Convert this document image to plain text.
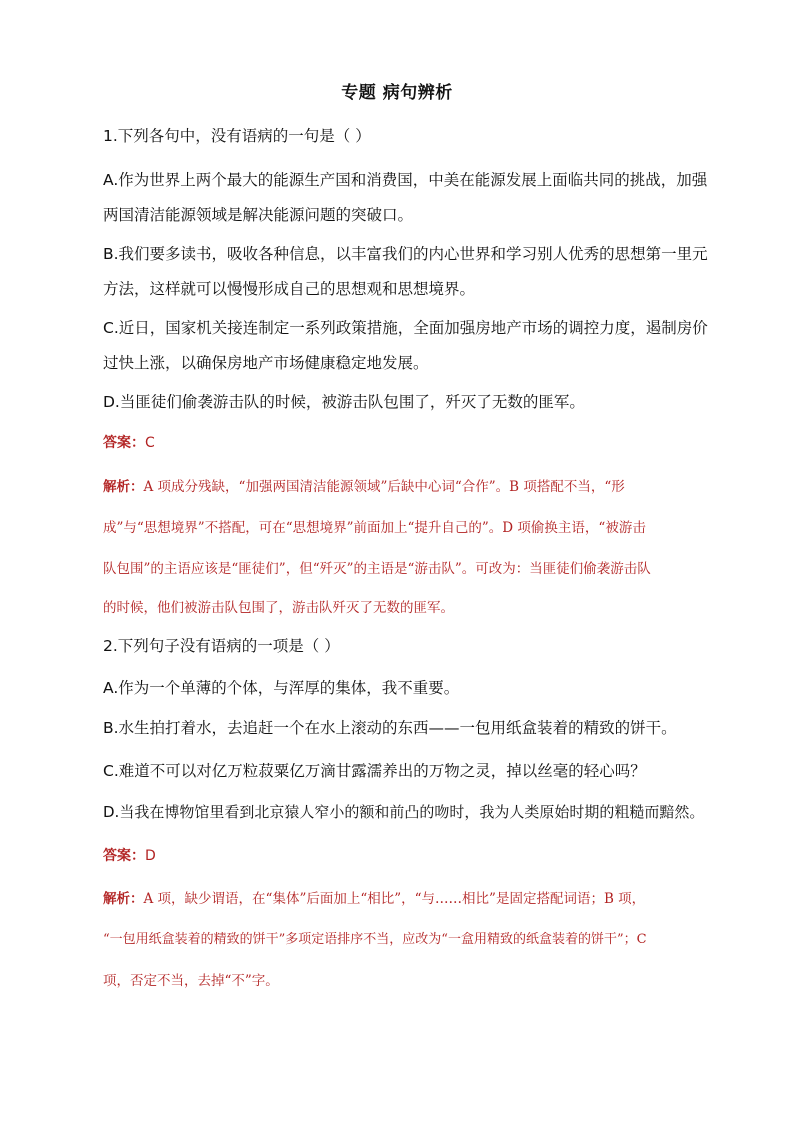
专题 病句辨析
1.下列各句中，没有语病的一句是（ ）
A.作为世界上两个最大的能源生产国和消费国，中美在能源发展上面临共同的挑战，加强
两国清洁能源领域是解决能源问题的突破口。
B.我们要多读书，吸收各种信息，以丰富我们的内心世界和学习别人优秀的思想第一里元
方法，这样就可以慢慢形成自己的思想观和思想境界。
C.近日，国家机关接连制定一系列政策措施，全面加强房地产市场的调控力度，遏制房价
过快上涨，以确保房地产市场健康稳定地发展。
D.当匪徒们偷袭游击队的时候，被游击队包围了，歼灭了无数的匪军。
答案：C
解析：A 项成分残缺，“加强两国清洁能源领域”后缺中心词“合作”。B 项搭配不当，“形
成”与“思想境界”不搭配，可在“思想境界”前面加上“提升自己的”。D 项偷换主语，“被游击
队包围”的主语应该是“匪徒们”，但“歼灭”的主语是“游击队”。可改为：当匪徒们偷袭游击队
的时候，他们被游击队包围了，游击队歼灭了无数的匪军。
2.下列句子没有语病的一项是（ ）
A.作为一个单薄的个体，与浑厚的集体，我不重要。
B.水生拍打着水，去追赶一个在水上滚动的东西——一包用纸盒装着的精致的饼干。
C.难道不可以对亿万粒菽粟亿万滴甘露濡养出的万物之灵，掉以丝毫的轻心吗？
D.当我在博物馆里看到北京猿人窄小的额和前凸的吻时，我为人类原始时期的粗糙而黯然。
答案：D
解析：A 项，缺少谓语，在“集体”后面加上“相比”，“与……相比”是固定搭配词语；B 项，
“一包用纸盒装着的精致的饼干”多项定语排序不当，应改为“一盒用精致的纸盒装着的饼干”；C
项，否定不当，去掉“不”字。
